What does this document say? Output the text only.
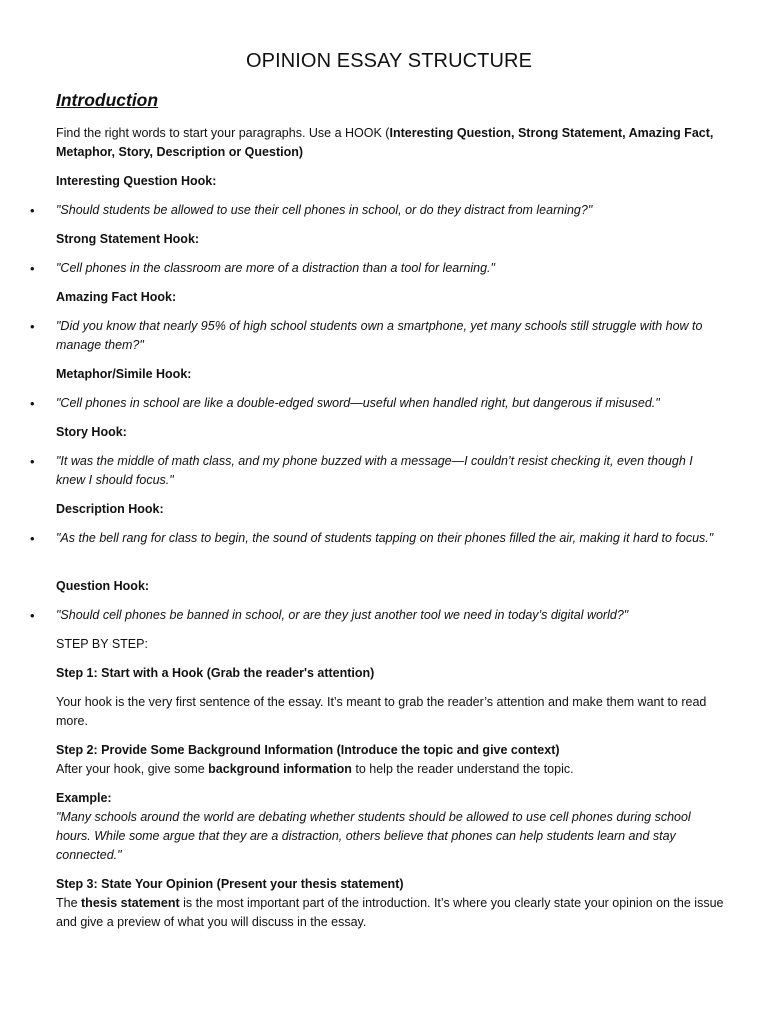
OPINION ESSAY STRUCTURE
Introduction
Find the right words to start your paragraphs. Use a HOOK (Interesting Question, Strong Statement, Amazing Fact, Metaphor, Story, Description or Question)
Interesting Question Hook:
•	"Should students be allowed to use their cell phones in school, or do they distract from learning?"
Strong Statement Hook:
•	"Cell phones in the classroom are more of a distraction than a tool for learning."
Amazing Fact Hook:
•	"Did you know that nearly 95% of high school students own a smartphone, yet many schools still struggle with how to manage them?"
Metaphor/Simile Hook:
•	"Cell phones in school are like a double-edged sword—useful when handled right, but dangerous if misused."
Story Hook:
•	"It was the middle of math class, and my phone buzzed with a message—I couldn’t resist checking it, even though I knew I should focus."
Description Hook:
•	"As the bell rang for class to begin, the sound of students tapping on their phones filled the air, making it hard to focus."
Question Hook:
•	"Should cell phones be banned in school, or are they just another tool we need in today’s digital world?"
STEP BY STEP:
Step 1: Start with a Hook (Grab the reader's attention)
Your hook is the very first sentence of the essay. It’s meant to grab the reader’s attention and make them want to read more.
Step 2: Provide Some Background Information (Introduce the topic and give context)
After your hook, give some background information to help the reader understand the topic.
Example:
"Many schools around the world are debating whether students should be allowed to use cell phones during school hours. While some argue that they are a distraction, others believe that phones can help students learn and stay connected."
Step 3: State Your Opinion (Present your thesis statement)
The thesis statement is the most important part of the introduction. It’s where you clearly state your opinion on the issue and give a preview of what you will discuss in the essay.
